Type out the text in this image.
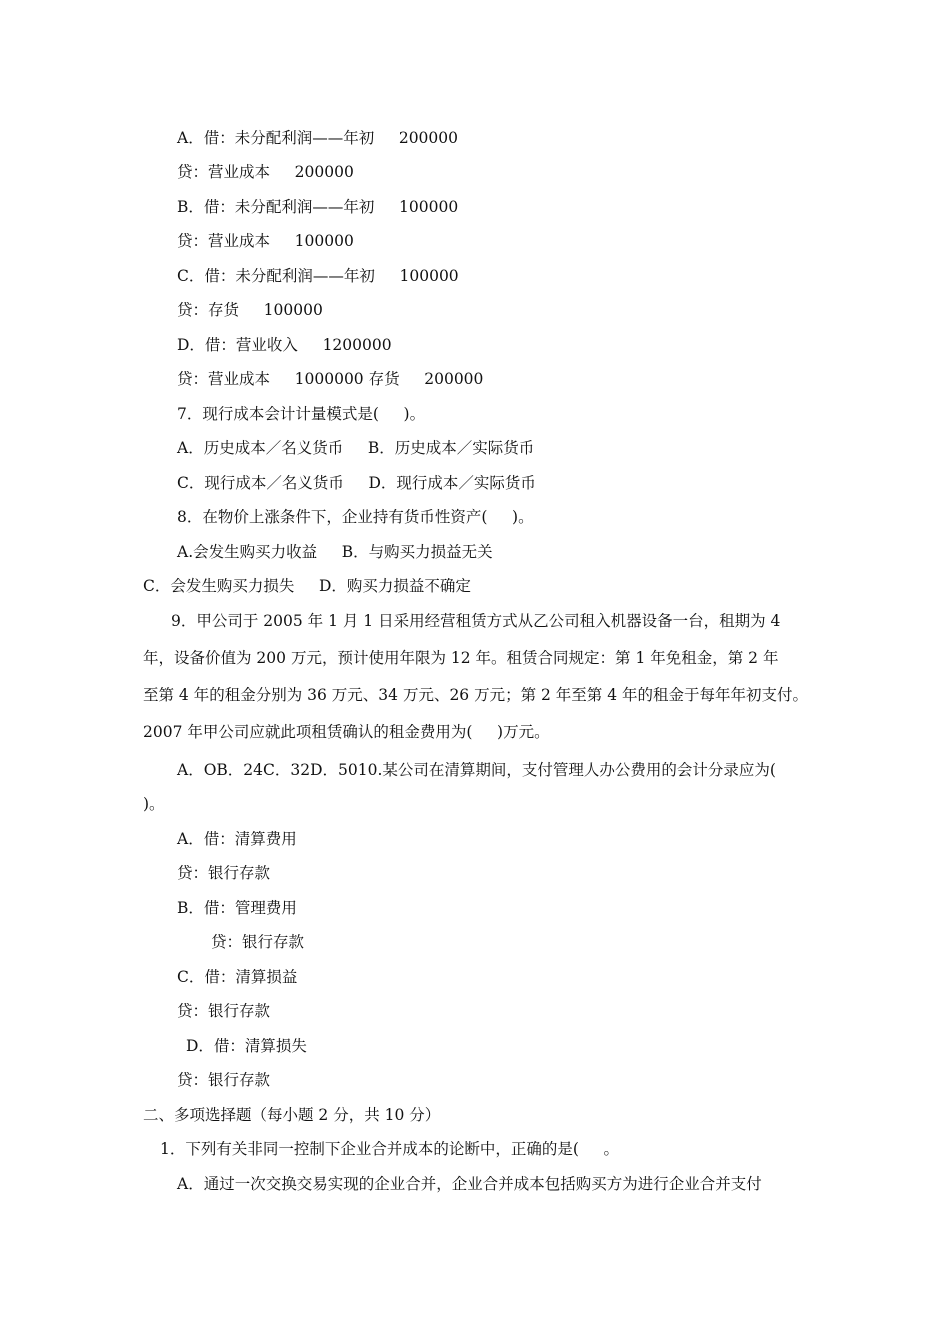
A．借：未分配利润——年初     200000
贷：营业成本     200000
B．借：未分配利润——年初     100000
贷：营业成本     100000
C．借：未分配利润——年初     100000
贷：存货     100000
D．借：营业收入     1200000
贷：营业成本     1000000 存货     200000
7．现行成本会计计量模式是(     )。
A．历史成本／名义货币     B．历史成本／实际货币
C．现行成本／名义货币     D．现行成本／实际货币
8．在物价上涨条件下，企业持有货币性资产(     )。
A.会发生购买力收益     B．与购买力损益无关
C．会发生购买力损失     D．购买力损益不确定
9．甲公司于 2005 年 1 月 1 日采用经营租赁方式从乙公司租入机器设备一台，租期为 4
年，设备价值为 200 万元，预计使用年限为 12 年。租赁合同规定：第 1 年免租金，第 2 年
至第 4 年的租金分别为 36 万元、34 万元、26 万元；第 2 年至第 4 年的租金于每年年初支付。
2007 年甲公司应就此项租赁确认的租金费用为(     )万元。
A．OB．24C．32D．5010.某公司在清算期间，支付管理人办公费用的会计分录应为(
)。
A．借：清算费用
贷：银行存款
B．借：管理费用
贷：银行存款
C．借：清算损益
贷：银行存款
D．借：清算损失
贷：银行存款
二、多项选择题（每小题 2 分，共 10 分）
1．下列有关非同一控制下企业合并成本的论断中，正确的是(     。
A．通过一次交换交易实现的企业合并，企业合并成本包括购买方为进行企业合并支付
